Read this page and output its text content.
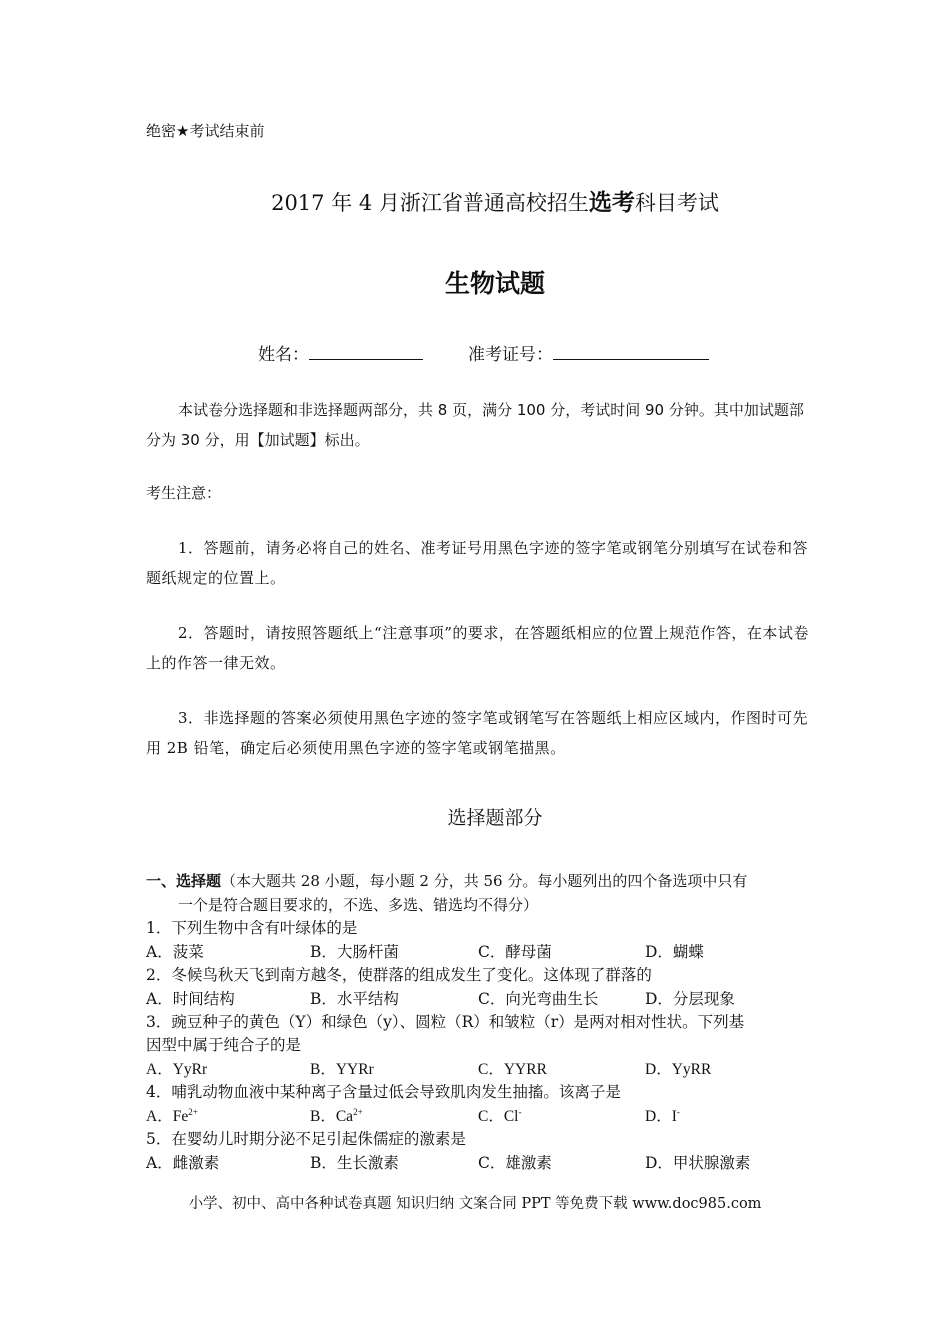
绝密★考试结束前
2017 年 4 月浙江省普通高校招生选考科目考试
生物试题
姓名：	准考证号：
本试卷分选择题和非选择题两部分，共 8 页，满分 100 分，考试时间 90 分钟。其中加试题部分为 30 分，用【加试题】标出。
考生注意：
1．答题前，请务必将自己的姓名、准考证号用黑色字迹的签字笔或钢笔分别填写在试卷和答题纸规定的位置上。
2．答题时，请按照答题纸上“注意事项”的要求，在答题纸相应的位置上规范作答，在本试卷上的作答一律无效。
3．非选择题的答案必须使用黑色字迹的签字笔或钢笔写在答题纸上相应区域内，作图时可先用 2B 铅笔，确定后必须使用黑色字迹的签字笔或钢笔描黑。
选择题部分
一、选择题（本大题共 28 小题，每小题 2 分，共 56 分。每小题列出的四个备选项中只有
一个是符合题目要求的，不选、多选、错选均不得分）
1．下列生物中含有叶绿体的是
A．菠菜	B．大肠杆菌	C．酵母菌	D．蝴蝶
2．冬候鸟秋天飞到南方越冬，使群落的组成发生了变化。这体现了群落的
A．时间结构	B．水平结构	C．向光弯曲生长	D．分层现象
3．豌豆种子的黄色（Y）和绿色（y）、圆粒（R）和皱粒（r）是两对相对性状。下列基
因型中属于纯合子的是
A．YyRr	B．YYRr	C．YYRR	D．YyRR
4．哺乳动物血液中某种离子含量过低会导致肌肉发生抽搐。该离子是
A．$Fe^{2+}$	B．$Ca^{2+}$	C．Cl-	D．I-
5．在婴幼儿时期分泌不足引起侏儒症的激素是
A．雌激素	B．生长激素	C．雄激素	D．甲状腺激素
小学、初中、高中各种试卷真题 知识归纳 文案合同 PPT 等免费下载 www.doc985.com
